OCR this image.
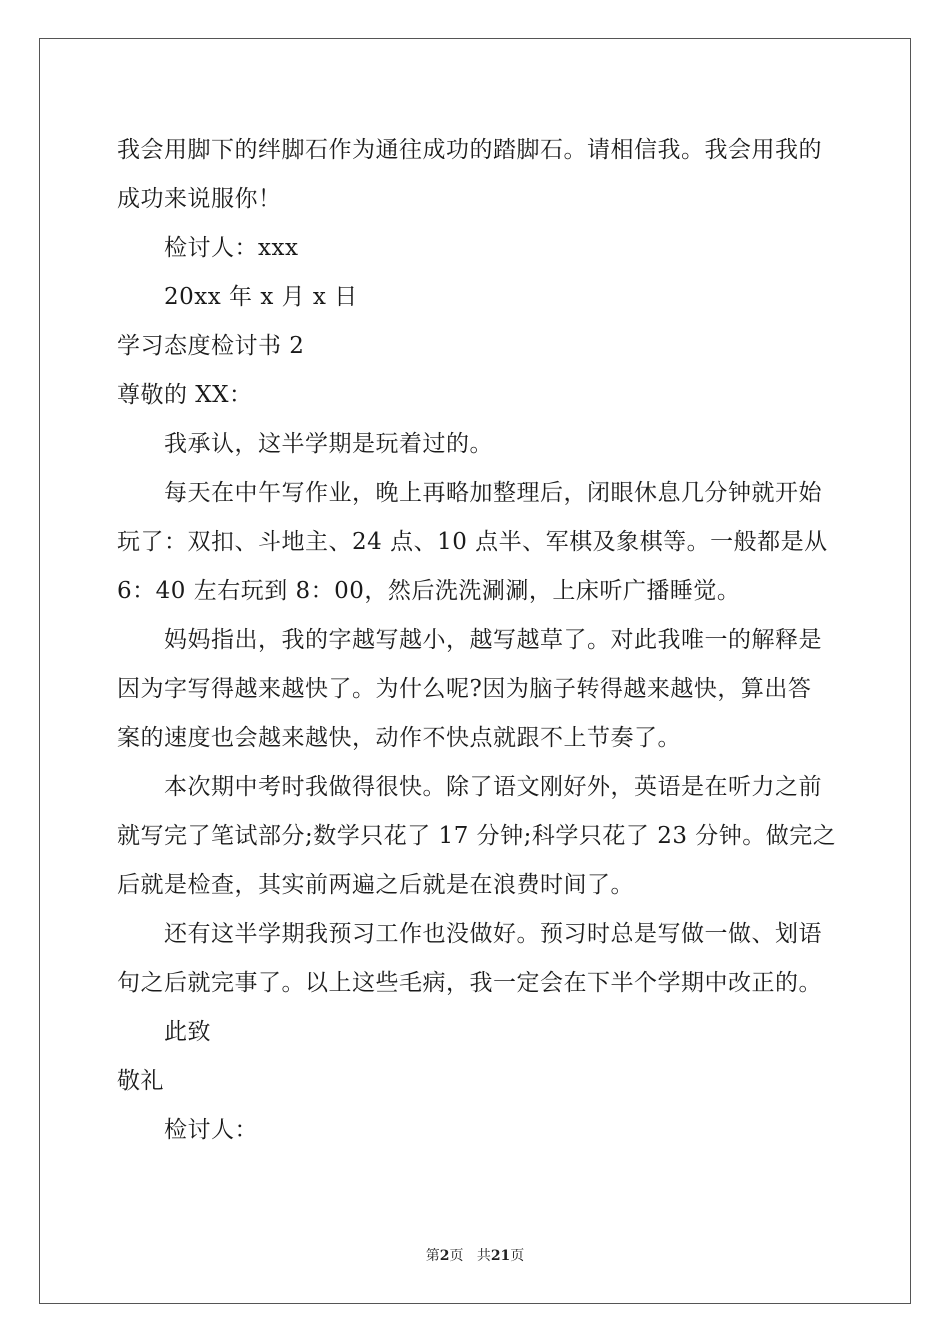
我会用脚下的绊脚石作为通往成功的踏脚石。请相信我。我会用我的
成功来说服你！
检讨人：xxx
20xx 年 x 月 x 日
学习态度检讨书 2
尊敬的 XX：
我承认，这半学期是玩着过的。
每天在中午写作业，晚上再略加整理后，闭眼休息几分钟就开始
玩了：双扣、斗地主、24 点、10 点半、军棋及象棋等。一般都是从
6：40 左右玩到 8：00，然后洗洗涮涮，上床听广播睡觉。
妈妈指出，我的字越写越小，越写越草了。对此我唯一的解释是
因为字写得越来越快了。为什么呢?因为脑子转得越来越快，算出答
案的速度也会越来越快，动作不快点就跟不上节奏了。
本次期中考时我做得很快。除了语文刚好外，英语是在听力之前
就写完了笔试部分;数学只花了 17 分钟;科学只花了 23 分钟。做完之
后就是检查，其实前两遍之后就是在浪费时间了。
还有这半学期我预习工作也没做好。预习时总是写做一做、划语
句之后就完事了。以上这些毛病，我一定会在下半个学期中改正的。
此致
敬礼
检讨人：
第2页 共21页
